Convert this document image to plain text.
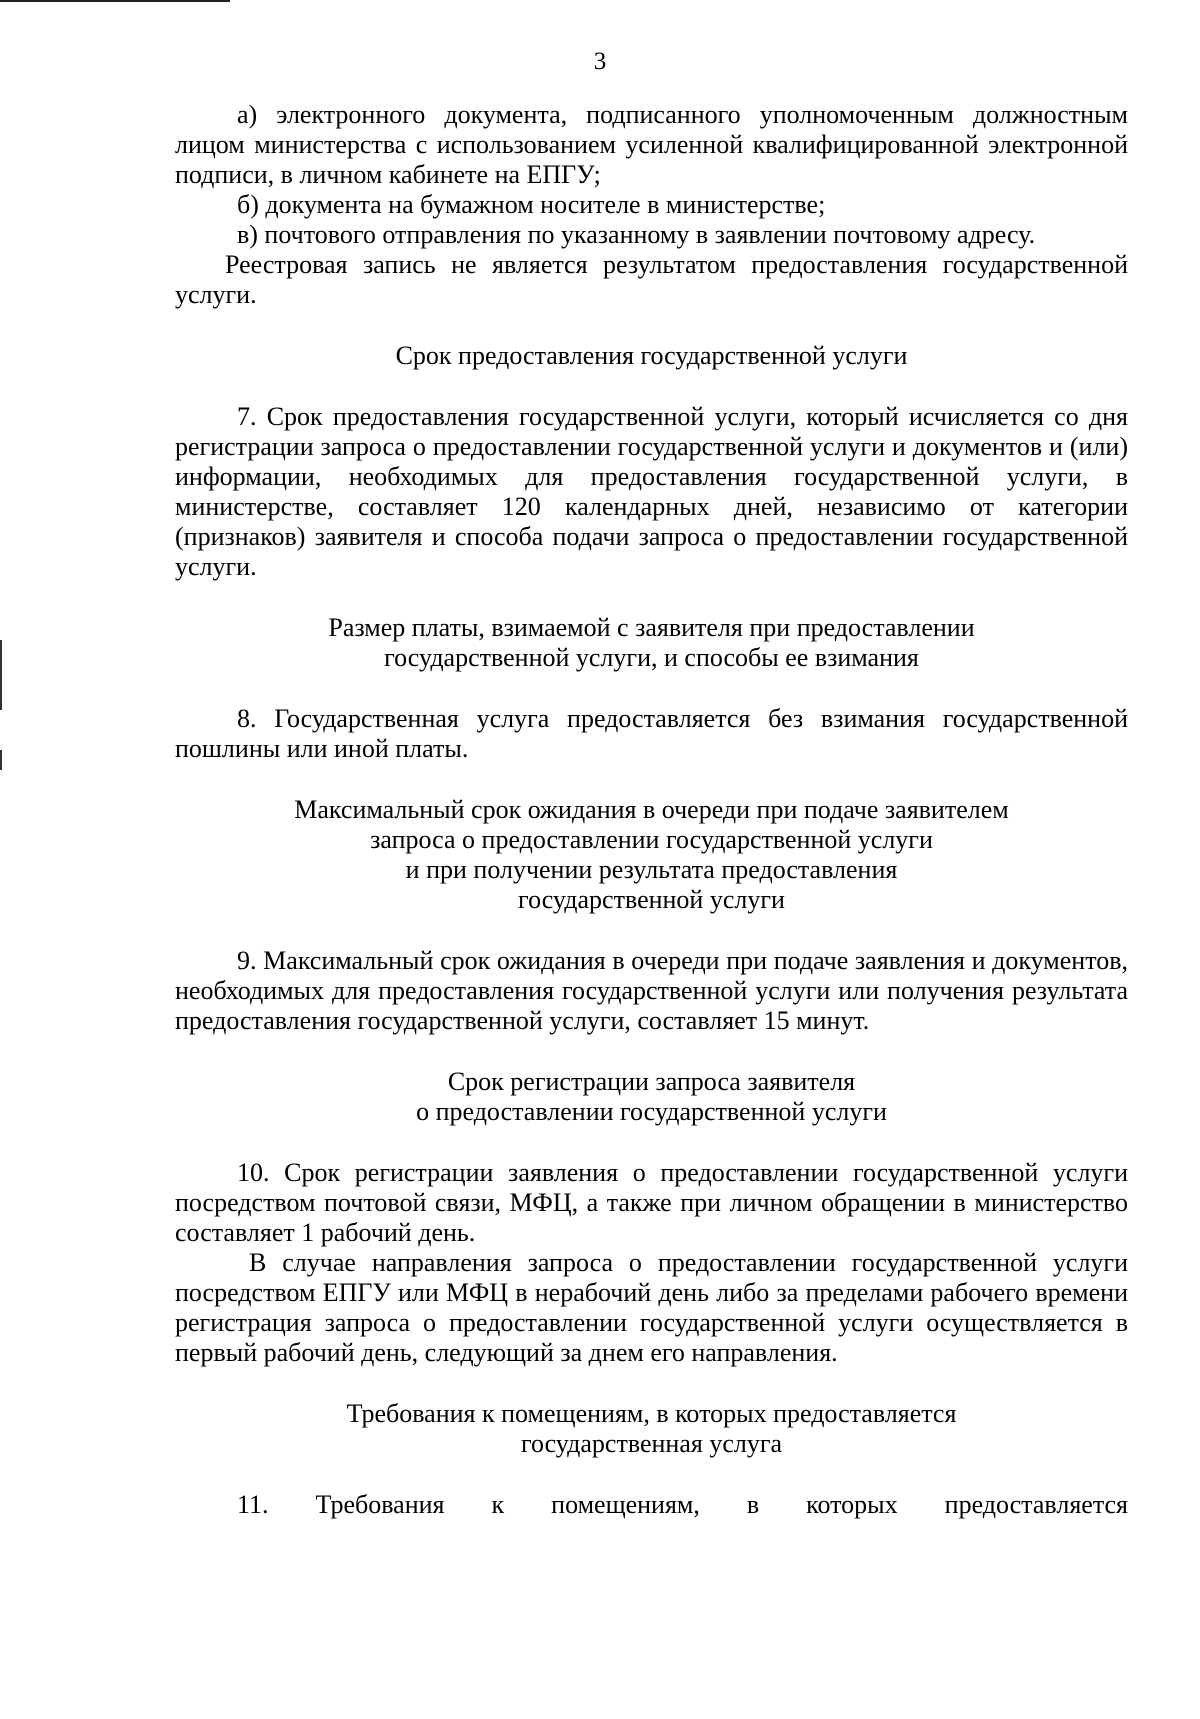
3

а) электронного документа, подписанного уполномоченным должностным лицом министерства с использованием усиленной квалифицированной электронной подписи, в личном кабинете на ЕПГУ;

б) документа на бумажном носителе в министерстве;

в) почтового отправления по указанному в заявлении почтовому адресу.

Реестровая запись не является результатом предоставления государственной услуги.

Срок предоставления государственной услуги

7. Срок предоставления государственной услуги, который исчисляется со дня регистрации запроса о предоставлении государственной услуги и документов и (или) информации, необходимых для предоставления государственной услуги, в министерстве, составляет 120 календарных дней, независимо от категории (признаков) заявителя и способа подачи запроса о предоставлении государственной услуги.

Размер платы, взимаемой с заявителя при предоставлении
государственной услуги, и способы ее взимания

8. Государственная услуга предоставляется без взимания государственной пошлины или иной платы.

Максимальный срок ожидания в очереди при подаче заявителем
запроса о предоставлении государственной услуги
и при получении результата предоставления
государственной услуги

9. Максимальный срок ожидания в очереди при подаче заявления и документов, необходимых для предоставления государственной услуги или получения результата предоставления государственной услуги, составляет 15 минут.

Срок регистрации запроса заявителя
о предоставлении государственной услуги

10. Срок регистрации заявления о предоставлении государственной услуги посредством почтовой связи, МФЦ, а также при личном обращении в министерство составляет 1 рабочий день.

В случае направления запроса о предоставлении государственной услуги посредством ЕПГУ или МФЦ в нерабочий день либо за пределами рабочего времени регистрация запроса о предоставлении государственной услуги осуществляется в первый рабочий день, следующий за днем его направления.

Требования к помещениям, в которых предоставляется
государственная услуга

11. Требования к помещениям, в которых предоставляется
